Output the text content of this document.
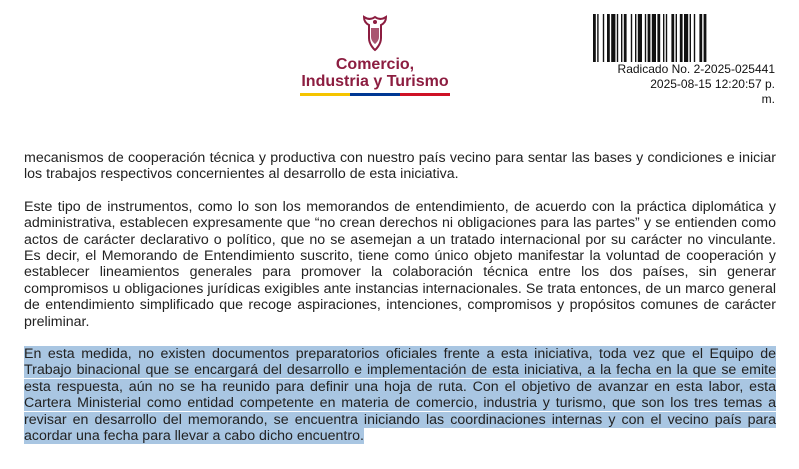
Comercio,
Industria y Turismo
Radicado No. 2-2025-025441
2025-08-15 12:20:57 p.
m.

mecanismos de cooperación técnica y productiva con nuestro país vecino para sentar las bases y condiciones e iniciar los trabajos respectivos concernientes al desarrollo de esta iniciativa.

Este tipo de instrumentos, como lo son los memorandos de entendimiento, de acuerdo con la práctica diplomática y administrativa, establecen expresamente que “no crean derechos ni obligaciones para las partes” y se entienden como actos de carácter declarativo o político, que no se asemejan a un tratado internacional por su carácter no vinculante. Es decir, el Memorando de Entendimiento suscrito, tiene como único objeto manifestar la voluntad de cooperación y establecer lineamientos generales para promover la colaboración técnica entre los dos países, sin generar compromisos u obligaciones jurídicas exigibles ante instancias internacionales. Se trata entonces, de un marco general de entendimiento simplificado que recoge aspiraciones, intenciones, compromisos y propósitos comunes de carácter preliminar.

En esta medida, no existen documentos preparatorios oficiales frente a esta iniciativa, toda vez que el Equipo de Trabajo binacional que se encargará del desarrollo e implementación de esta iniciativa, a la fecha en la que se emite esta respuesta, aún no se ha reunido para definir una hoja de ruta. Con el objetivo de avanzar en esta labor, esta Cartera Ministerial como entidad competente en materia de comercio, industria y turismo, que son los tres temas a revisar en desarrollo del memorando, se encuentra iniciando las coordinaciones internas y con el vecino país para acordar una fecha para llevar a cabo dicho encuentro.
